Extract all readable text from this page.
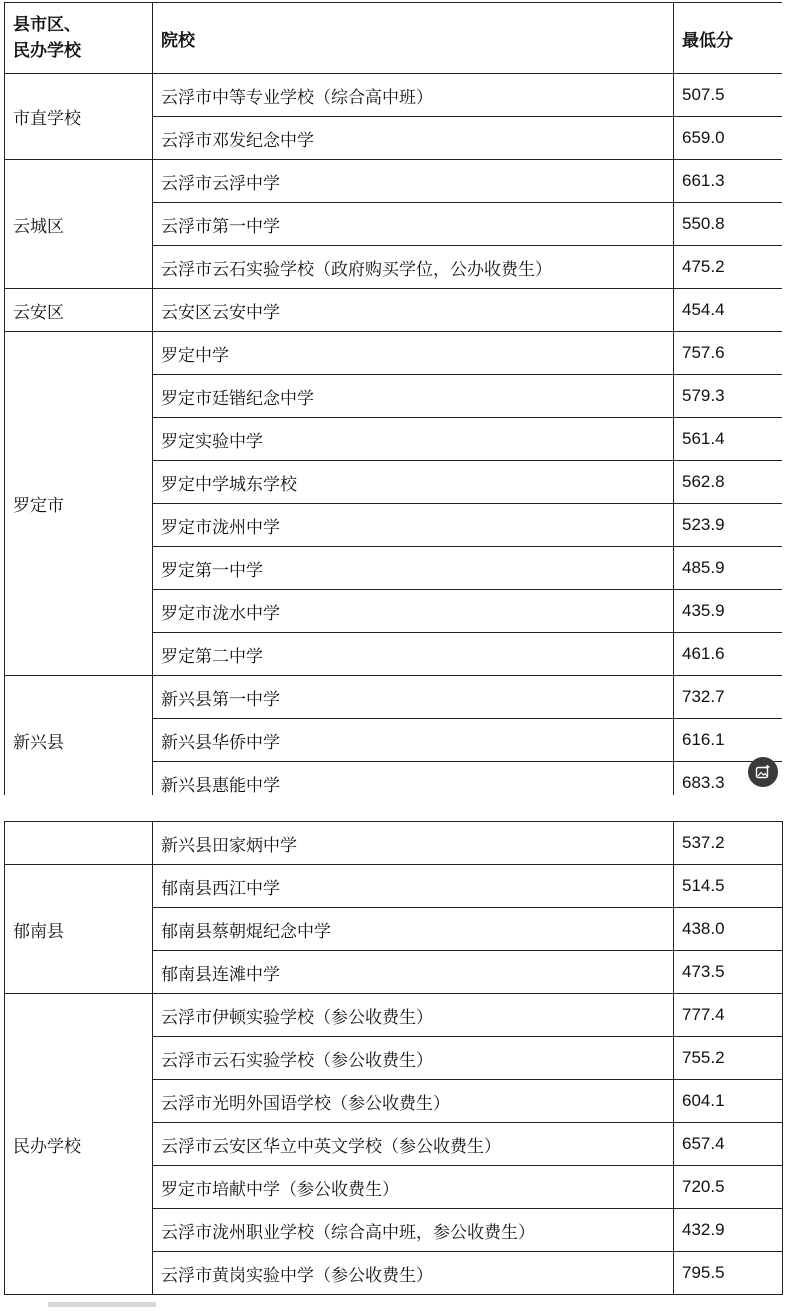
县市区、
民办学校	院校	最低分
市直学校	云浮市中等专业学校（综合高中班）	507.5
	云浮市邓发纪念中学	659.0
云城区	云浮市云浮中学	661.3
	云浮市第一中学	550.8
	云浮市云石实验学校（政府购买学位，公办收费生）	475.2
云安区	云安区云安中学	454.4
罗定市	罗定中学	757.6
	罗定市廷锴纪念中学	579.3
	罗定实验中学	561.4
	罗定中学城东学校	562.8
	罗定市泷州中学	523.9
	罗定第一中学	485.9
	罗定市泷水中学	435.9
	罗定第二中学	461.6
新兴县	新兴县第一中学	732.7
	新兴县华侨中学	616.1
	新兴县惠能中学	683.3
	新兴县田家炳中学	537.2
郁南县	郁南县西江中学	514.5
	郁南县蔡朝焜纪念中学	438.0
	郁南县连滩中学	473.5
民办学校	云浮市伊顿实验学校（参公收费生）	777.4
	云浮市云石实验学校（参公收费生）	755.2
	云浮市光明外国语学校（参公收费生）	604.1
	云浮市云安区华立中英文学校（参公收费生）	657.4
	罗定市培献中学（参公收费生）	720.5
	云浮市泷州职业学校（综合高中班，参公收费生）	432.9
	云浮市黄岗实验中学（参公收费生）	795.5
